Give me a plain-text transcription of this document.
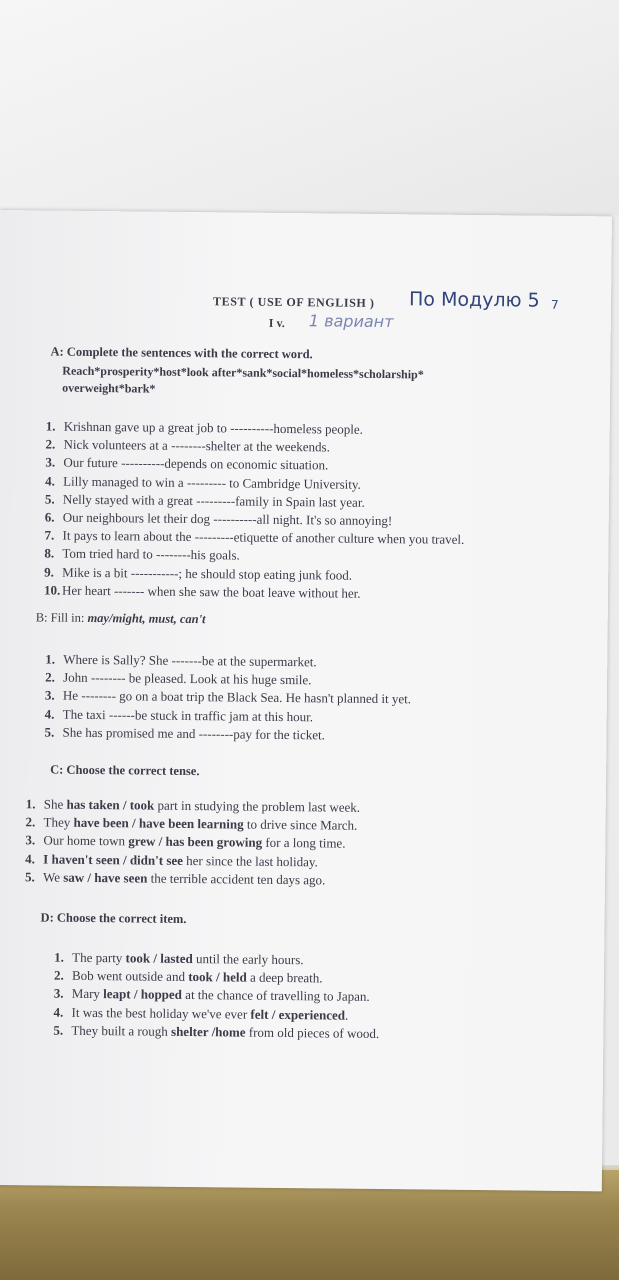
TEST ( USE OF ENGLISH ) По Модулю 5 7
I v. 1 вариант
A: Complete the sentences with the correct word.
Reach*prosperity*host*look after*sank*social*homeless*scholarship*
overweight*bark*
1. Krishnan gave up a great job to ----------homeless people.
2. Nick volunteers at a --------shelter at the weekends.
3. Our future ----------depends on economic situation.
4. Lilly managed to win a --------- to Cambridge University.
5. Nelly stayed with a great ---------family in Spain last year.
6. Our neighbours let their dog ----------all night. It's so annoying!
7. It pays to learn about the ---------etiquette of another culture when you travel.
8. Tom tried hard to --------his goals.
9. Mike is a bit -----------; he should stop eating junk food.
10. Her heart ------- when she saw the boat leave without her.
B: Fill in: may/might, must, can't
1. Where is Sally? She -------be at the supermarket.
2. John -------- be pleased. Look at his huge smile.
3. He -------- go on a boat trip the Black Sea. He hasn't planned it yet.
4. The taxi ------be stuck in traffic jam at this hour.
5. She has promised me and --------pay for the ticket.
C: Choose the correct tense.
1. She has taken / took part in studying the problem last week.
2. They have been / have been learning to drive since March.
3. Our home town grew / has been growing for a long time.
4. I haven't seen / didn't see her since the last holiday.
5. We saw / have seen the terrible accident ten days ago.
D: Choose the correct item.
1. The party took / lasted until the early hours.
2. Bob went outside and took / held a deep breath.
3. Mary leapt / hopped at the chance of travelling to Japan.
4. It was the best holiday we've ever felt / experienced.
5. They built a rough shelter /home from old pieces of wood.
